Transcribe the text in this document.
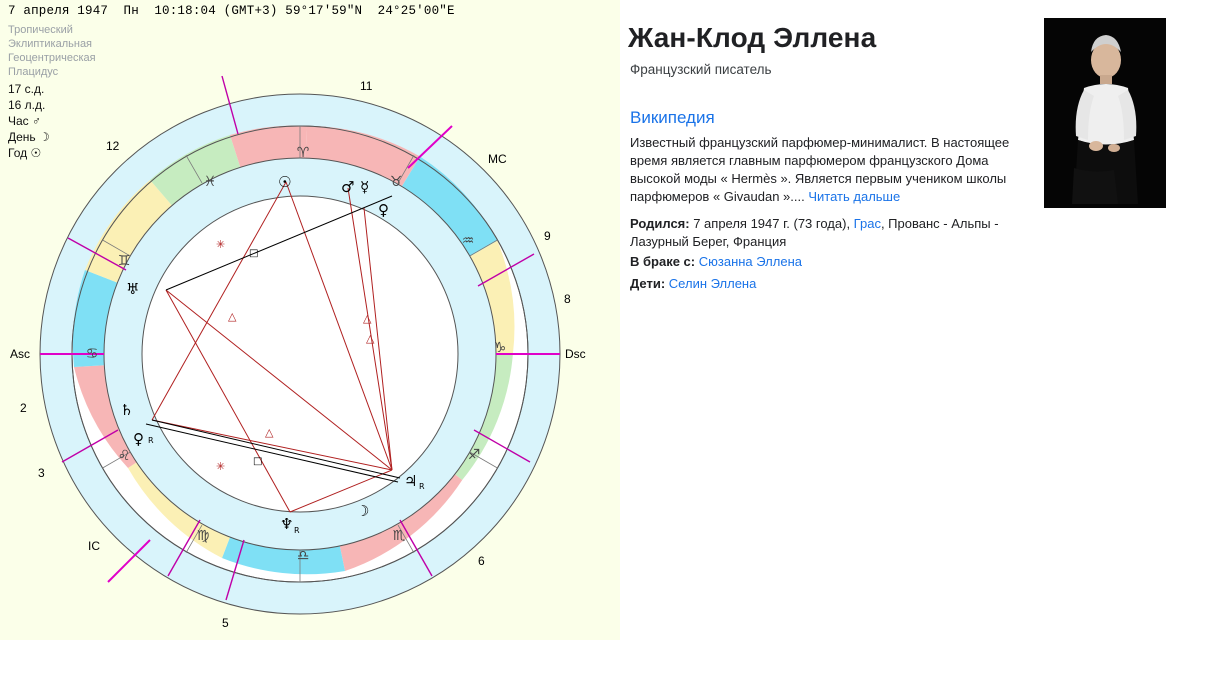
7 апреля 1947  Пн  10:18:04 (GMT+3) 59°17'59"N  24°25'00"E
Тропический
Эклиптикальная
Геоцентрическая
Плацидус
17 с.д.
16 л.д.
Час ♂
День ☽
Год ☉
✳
✳
△
△
△
△
□
□
♈
♓
♊
♋
♌
♍
♎
♏
♐
♑
♒
♉
☉	♂ ☿
♀
♅
♄
♀
♃
♆
☽
R
R
R
Asc	Dsc
MC
IC
2
3
5
6
8
9
11
12
Жан-Клод Эллена
Французский писатель
Википедия
Известный французский парфюмер-минималист. В настоящее время является главным парфюмером французского Дома высокой моды « Hermès ». Является первым учеником школы парфюмеров « Givaudan ».... Читать дальше
Родился: 7 апреля 1947 г. (73 года), Грас, Прованс - Альпы - Лазурный Берег, Франция
В браке с: Сюзанна Эллена
Дети: Селин Эллена
